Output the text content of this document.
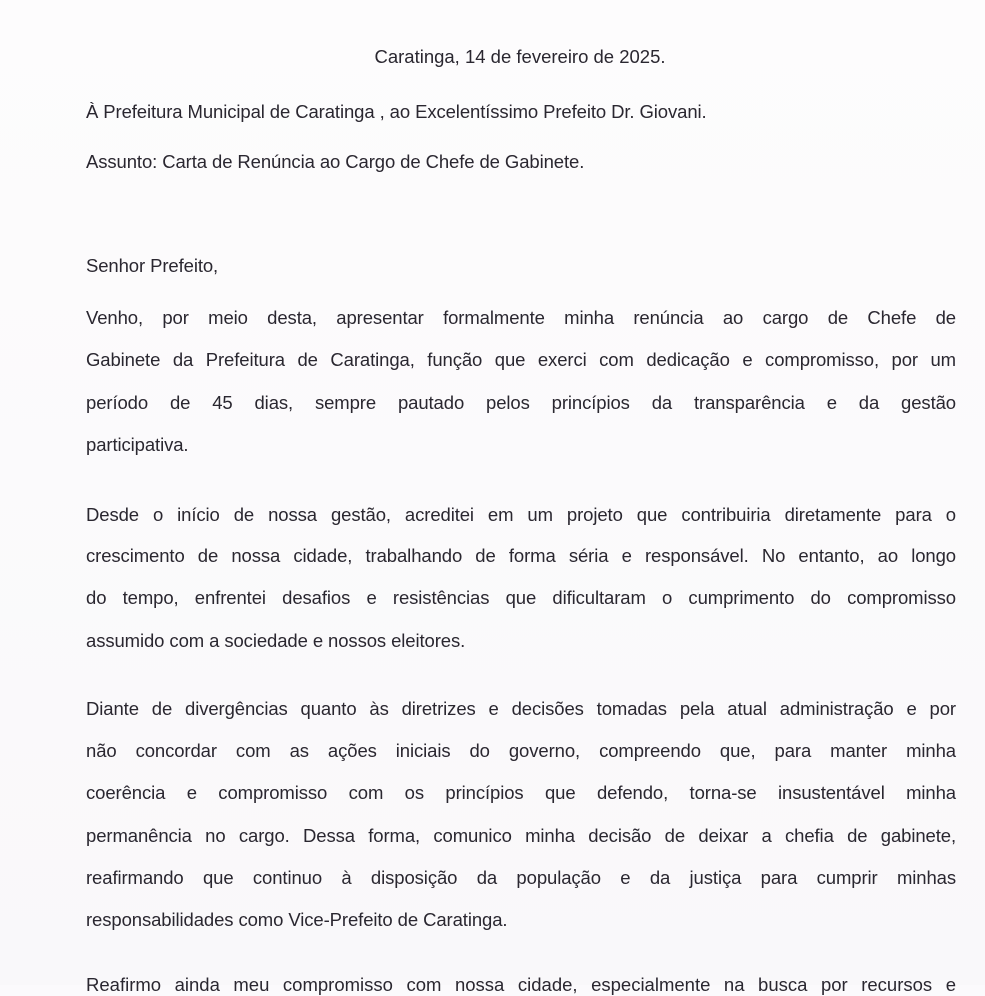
Caratinga, 14 de fevereiro de 2025.

À Prefeitura Municipal de Caratinga , ao Excelentíssimo Prefeito Dr. Giovani.

Assunto: Carta de Renúncia ao Cargo de Chefe de Gabinete.

Senhor Prefeito,

Venho, por meio desta, apresentar formalmente minha renúncia ao cargo de Chefe de

Gabinete da Prefeitura de Caratinga, função que exerci com dedicação e compromisso, por um

período de 45 dias, sempre pautado pelos princípios da transparência e da gestão

participativa.

Desde o início de nossa gestão, acreditei em um projeto que contribuiria diretamente para o

crescimento de nossa cidade, trabalhando de forma séria e responsável. No entanto, ao longo

do tempo, enfrentei desafios e resistências que dificultaram o cumprimento do compromisso

assumido com a sociedade e nossos eleitores.

Diante de divergências quanto às diretrizes e decisões tomadas pela atual administração e por

não concordar com as ações iniciais do governo, compreendo que, para manter minha

coerência e compromisso com os princípios que defendo, torna-se insustentável minha

permanência no cargo. Dessa forma, comunico minha decisão de deixar a chefia de gabinete,

reafirmando que continuo à disposição da população e da justiça para cumprir minhas

responsabilidades como Vice-Prefeito de Caratinga.

Reafirmo ainda meu compromisso com nossa cidade, especialmente na busca por recursos e
